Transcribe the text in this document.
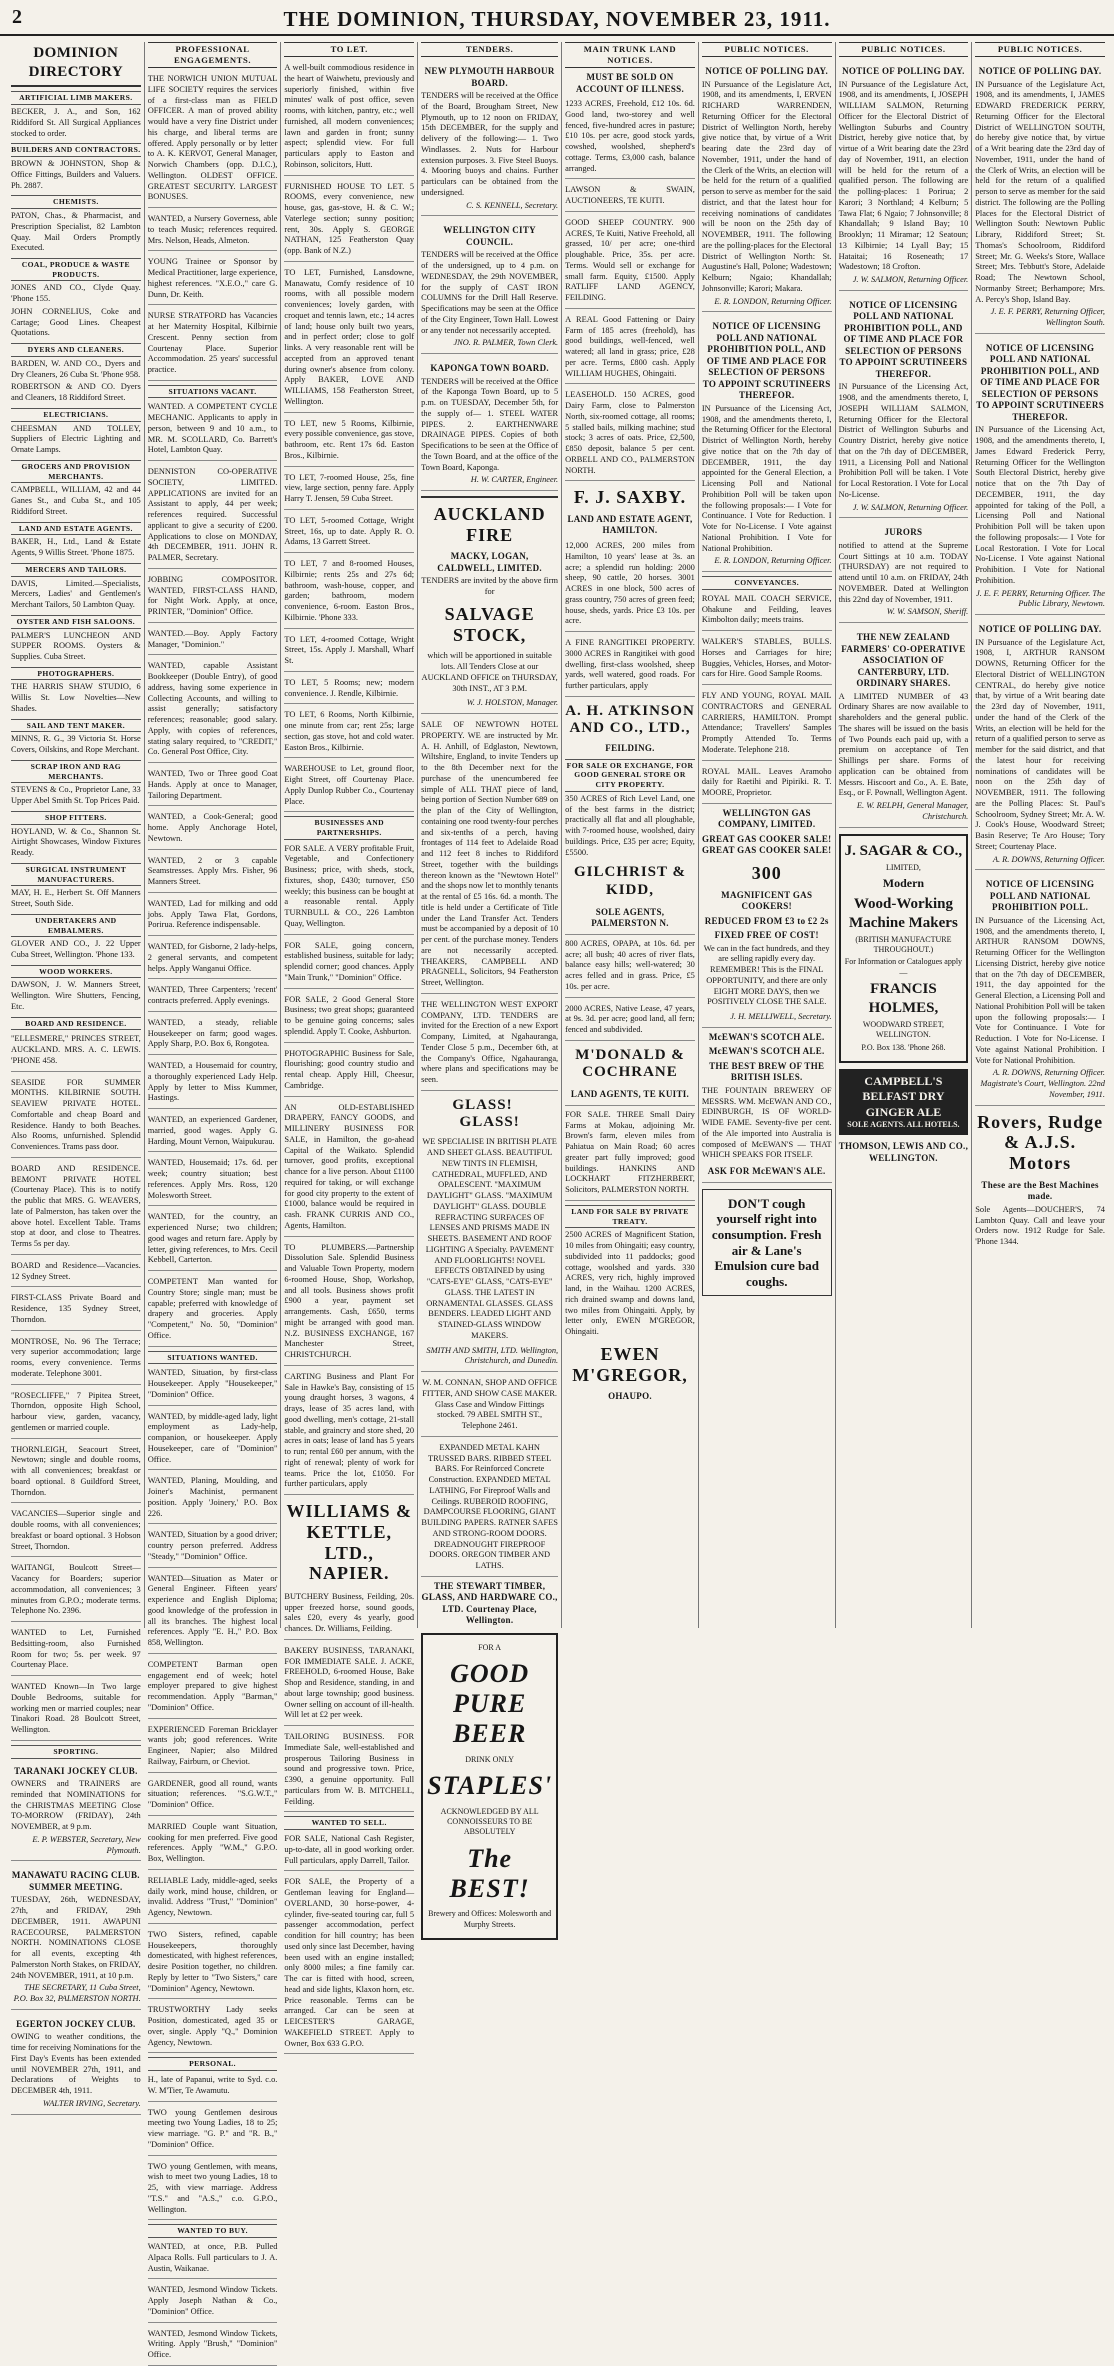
2	THE DOMINION, THURSDAY, NOVEMBER 23, 1911.
DOMINION DIRECTORY
ARTIFICIAL LIMB MAKERS.
BECKER, J. A., and Son, 162 Riddiford St. All Surgical Appliances stocked to order.
BUILDERS AND CONTRACTORS.
BROWN & JOHNSTON, Shop & Office Fittings, Builders and Valuers. Ph. 2887.
CHEMISTS.
PATON, Chas., & Pharmacist, and Prescription Specialist, 82 Lambton Quay. Mail Orders Promptly Executed.
COAL, PRODUCE & WASTE PRODUCTS.
JONES AND CO., Clyde Quay. 'Phone 155.
JOHN CORNELIUS, Coke and Cartage; Good Lines. Cheapest Quotations.
DYERS AND CLEANERS.
BARDEN, W. AND CO., Dyers and Dry Cleaners, 26 Cuba St. 'Phone 958.
ROBERTSON & AND CO. Dyers and Cleaners, 18 Riddiford Street.
ELECTRICIANS.
CHEESMAN AND TOLLEY, Suppliers of Electric Lighting and Ornate Lamps.
GROCERS AND PROVISION MERCHANTS.
CAMPBELL, WILLIAM, 42 and 44 Ganes St., and Cuba St., and 105 Riddiford Street.
LAND AND ESTATE AGENTS.
BAKER, H., Ltd., Land & Estate Agents, 9 Willis Street. 'Phone 1875.
MERCERS AND TAILORS.
DAVIS, Limited.—Specialists, Mercers, Ladies' and Gentlemen's Merchant Tailors, 50 Lambton Quay.
OYSTER AND FISH SALOONS.
PALMER'S LUNCHEON AND SUPPER ROOMS. Oysters & Supplies. Cuba Street.
PHOTOGRAPHERS.
THE HARRIS SHAW STUDIO, 6 Willis St. Low Novelties—New Shades.
SAIL AND TENT MAKER.
MINNS, R. G., 39 Victoria St. Horse Covers, Oilskins, and Rope Merchant.
SCRAP IRON AND RAG MERCHANTS.
STEVENS & Co., Proprietor Lane, 33 Upper Abel Smith St. Top Prices Paid.
SHOP FITTERS.
HOYLAND, W. & Co., Shannon St. Airtight Showcases, Window Fixtures Ready.
SURGICAL INSTRUMENT MANUFACTURERS.
MAY, H. E., Herbert St. Off Manners Street, South Side.
UNDERTAKERS AND EMBALMERS.
GLOVER AND CO., J. 22 Upper Cuba Street, Wellington. 'Phone 133.
WOOD WORKERS.
DAWSON, J. W. Manners Street, Wellington. Wire Shutters, Fencing, Etc.
BOARD AND RESIDENCE.
"ELLESMERE," PRINCES STREET, AUCKLAND. MRS. A. C. LEWIS. 'PHONE 458.
SEASIDE FOR SUMMER MONTHS. KILBIRNIE SOUTH. SEAVIEW PRIVATE HOTEL. Comfortable and cheap Board and Residence. Handy to both Beaches. Also Rooms, unfurnished. Splendid Conveniences. Trams pass door.
BOARD AND RESIDENCE. BEMONT PRIVATE HOTEL (Courtenay Place). This is to notify the public that MRS. G. WEAVERS, late of Palmerston, has taken over the above hotel. Excellent Table. Trams stop at door, and close to Theatres. Terms 5s per day.
BOARD and Residence—Vacancies. 12 Sydney Street.
FIRST-CLASS Private Board and Residence, 135 Sydney Street, Thorndon.
MONTROSE, No. 96 The Terrace; very superior accommodation; large rooms, every convenience. Terms moderate. Telephone 3001.
"ROSECLIFFE," 7 Pipitea Street, Thorndon, opposite High School, harbour view, garden, vacancy, gentlemen or married couple.
THORNLEIGH, Seacourt Street, Newtown; single and double rooms, with all conveniences; breakfast or board optional. 8 Guildford Street, Thorndon.
VACANCIES—Superior single and double rooms, with all conveniences; breakfast or board optional. 3 Hobson Street, Thorndon.
WAITANGI, Boulcott Street—Vacancy for Boarders; superior accommodation, all conveniences; 3 minutes from G.P.O.; moderate terms. Telephone No. 2396.
WANTED to Let, Furnished Bedsitting-room, also Furnished Room for two; 5s. per week. 97 Courtenay Place.
WANTED Known—In Two large Double Bedrooms, suitable for working men or married couples; near Tinakori Road. 28 Boulcott Street, Wellington.
SPORTING.
TARANAKI JOCKEY CLUB.
OWNERS and TRAINERS are reminded that NOMINATIONS for the CHRISTMAS MEETING Close TO-MORROW (FRIDAY), 24th NOVEMBER, at 9 p.m.
E. P. WEBSTER, Secretary, New Plymouth.
MANAWATU RACING CLUB. SUMMER MEETING.
TUESDAY, 26th, WEDNESDAY, 27th, and FRIDAY, 29th DECEMBER, 1911. AWAPUNI RACECOURSE, PALMERSTON NORTH. NOMINATIONS CLOSE for all events, excepting 4th Palmerston North Stakes, on FRIDAY, 24th NOVEMBER, 1911, at 10 p.m.
THE SECRETARY, 11 Cuba Street, P.O. Box 32, PALMERSTON NORTH.
EGERTON JOCKEY CLUB.
OWING to weather conditions, the time for receiving Nominations for the First Day's Events has been extended until NOVEMBER 27th, 1911, and Declarations of Weights to DECEMBER 4th, 1911.
WALTER IRVING, Secretary.
PROFESSIONAL ENGAGEMENTS.
THE NORWICH UNION MUTUAL LIFE SOCIETY requires the services of a first-class man as FIELD OFFICER. A man of proved ability would have a very fine District under his charge, and liberal terms are offered. Apply personally or by letter to A. K. KERVOT, General Manager, Norwich Chambers (opp. D.I.C.), Wellington. OLDEST OFFICE. GREATEST SECURITY. LARGEST BONUSES.
WANTED, a Nursery Governess, able to teach Music; references required. Mrs. Nelson, Heads, Almeton.
YOUNG Trainee or Sponsor by Medical Practitioner, large experience, highest references. "X.E.O.," care G. Dunn, Dr. Keith.
NURSE STRATFORD has Vacancies at her Maternity Hospital, Kilbirnie Crescent. Penny section from Courtenay Place. Superior Accommodation. 25 years' successful practice.
SITUATIONS VACANT.
WANTED. A COMPETENT CYCLE MECHANIC. Applicants to apply in person, between 9 and 10 a.m., to MR. M. SCOLLARD, Co. Barrett's Hotel, Lambton Quay.
DENNISTON CO-OPERATIVE SOCIETY, LIMITED. APPLICATIONS are invited for an Assistant to apply, 44 per week; references required. Successful applicant to give a security of £200. Applications to close on MONDAY, 4th DECEMBER, 1911. JOHN R. PALMER, Secretary.
JOBBING COMPOSITOR. WANTED, FIRST-CLASS HAND, for Night Work. Apply, at once, PRINTER, "Dominion" Office.
WANTED.—Boy. Apply Factory Manager, "Dominion."
WANTED, capable Assistant Bookkeeper (Double Entry), of good address, having some experience in Collecting Accounts, and willing to assist generally; satisfactory references; reasonable; good salary. Apply, with copies of references, stating salary required, to "CREDIT," Co. General Post Office, City.
WANTED, Two or Three good Coat Hands. Apply at once to Manager, Tailoring Department.
WANTED, a Cook-General; good home. Apply Anchorage Hotel, Newtown.
WANTED, 2 or 3 capable Seamstresses. Apply Mrs. Fisher, 96 Manners Street.
WANTED, Lad for milking and odd jobs. Apply Tawa Flat, Gordons, Porirua. Reference indispensable.
WANTED, for Gisborne, 2 lady-helps, 2 general servants, and competent helps. Apply Wanganui Office.
WANTED, Three Carpenters; 'recent' contracts preferred. Apply evenings.
WANTED, a steady, reliable Housekeeper on farm; good wages. Apply Sharp, P.O. Box 6, Rongotea.
WANTED, a Housemaid for country, a thoroughly experienced Lady Help. Apply by letter to Miss Kummer, Hastings.
WANTED, an experienced Gardener, married, good wages. Apply G. Harding, Mount Vernon, Waipukurau.
WANTED, Housemaid; 17s. 6d. per week; country situation; best references. Apply Mrs. Ross, 120 Molesworth Street.
WANTED, for the country, an experienced Nurse; two children; good wages and return fare. Apply by letter, giving references, to Mrs. Cecil Kebbell, Carterton.
COMPETENT Man wanted for Country Store; single man; must be capable; preferred with knowledge of drapery and groceries. Apply "Competent," No. 50, "Dominion" Office.
SITUATIONS WANTED.
WANTED, Situation, by first-class Housekeeper. Apply "Housekeeper," "Dominion" Office.
WANTED, by middle-aged lady, light employment as Lady-help, companion, or housekeeper. Apply Housekeeper, care of "Dominion" Office.
WANTED, Planing, Moulding, and Joiner's Machinist, permanent position. Apply 'Joinery,' P.O. Box 226.
WANTED, Situation by a good driver; country person preferred. Address "Steady," "Dominion" Office.
WANTED—Situation as Mater or General Engineer. Fifteen years' experience and English Diploma; good knowledge of the profession in all its branches. The highest local references. Apply "E. H.," P.O. Box 858, Wellington.
COMPETENT Barman open engagement end of week; hotel employer prepared to give highest recommendation. Apply "Barman," "Dominion" Office.
EXPERIENCED Foreman Bricklayer wants job; good references. Write Engineer, Napier; also Mildred Railway, Fairburn, or Cheviot.
GARDENER, good all round, wants situation; references. "S.G.W.T.," "Dominion" Office.
MARRIED Couple want Situation, cooking for men preferred. Five good references. Apply "W.M.," G.P.O. Box, Wellington.
RELIABLE Lady, middle-aged, seeks daily work, mind house, children, or invalid. Address "Trust," "Dominion" Agency, Newtown.
TWO Sisters, refined, capable Housekeepers, thoroughly domesticated, with highest references, desire Position together, no children. Reply by letter to "Two Sisters," care "Dominion" Agency, Newtown.
TRUSTWORTHY Lady seeks Position, domesticated, aged 35 or over, single. Apply "Q.," Dominion Agency, Newtown.
PERSONAL.
H., late of Papanui, write to Syd. c.o. W. M'Tier, Te Awamutu.
TWO young Gentlemen desirous meeting two Young Ladies, 18 to 25; view marriage. "G. P." and "R. B.," "Dominion" Office.
TWO young Gentlemen, with means, wish to meet two young Ladies, 18 to 25, with view marriage. Address "T.S." and "A.S.," c.o. G.P.O., Wellington.
WANTED TO BUY.
WANTED, at once, P.B. Pulled Alpaca Rolls. Full particulars to J. A. Austin, Waikanae.
WANTED, Jesmond Window Tickets. Apply Joseph Nathan & Co., "Dominion" Office.
WANTED, Jesmond Window Tickets, Writing. Apply "Brush," "Dominion" Office.
TO LET.
A well-built commodious residence in the heart of Waiwhetu, previously and superiorly finished, within five minutes' walk of post office, seven rooms, with kitchen, pantry, etc.; well furnished, all modern conveniences; lawn and garden in front; sunny aspect; splendid view. For full particulars apply to Easton and Robinson, solicitors, Hutt.
FURNISHED HOUSE TO LET. 5 ROOMS, every convenience, new house, gas, gas-stove, H. & C. W.; Vaterlege section; sunny position; rent, 30s. Apply S. GEORGE NATHAN, 125 Featherston Quay (opp. Bank of N.Z.)
TO LET, Furnished, Lansdowne, Manawatu, Comfy residence of 10 rooms, with all possible modern conveniences; lovely garden, with croquet and tennis lawn, etc.; 14 acres of land; house only built two years, and in perfect order; close to golf links. A very reasonable rent will be accepted from an approved tenant during owner's absence from colony. Apply BAKER, LOVE AND WILLIAMS, 158 Featherston Street, Wellington.
TO LET, new 5 Rooms, Kilbirnie, every possible convenience, gas stove, bathroom, etc. Rent 17s 6d. Easton Bros., Kilbirnie.
TO LET, 7-roomed House, 25s, fine view, large section, penny fare. Apply Harry T. Jensen, 59 Cuba Street.
TO LET, 5-roomed Cottage, Wright Street, 16s, up to date. Apply R. O. Adams, 13 Garrett Street.
TO LET, 7 and 8-roomed Houses, Kilbirnie; rents 25s and 27s 6d; bathroom, wash-house, copper, and garden; bathroom, modern convenience, 6-room. Easton Bros., Kilbirnie. 'Phone 333.
TO LET, 4-roomed Cottage, Wright Street, 15s. Apply J. Marshall, Wharf St.
TO LET, 5 Rooms; new; modern convenience. J. Rendle, Kilbirnie.
TO LET, 6 Rooms, North Kilbirnie, one minute from car; rent 25s; large section, gas stove, hot and cold water. Easton Bros., Kilbirnie.
WAREHOUSE to Let, ground floor, Eight Street, off Courtenay Place. Apply Dunlop Rubber Co., Courtenay Place.
BUSINESSES AND PARTNERSHIPS.
FOR SALE. A VERY profitable Fruit, Vegetable, and Confectionery Business; price, with sheds, stock, fixtures, shop, £430; turnover, £50 weekly; this business can be bought at a reasonable rental. Apply TURNBULL & CO., 226 Lambton Quay, Wellington.
FOR SALE, going concern, established business, suitable for lady; splendid corner; good chances. Apply "Main Trunk," "Dominion" Office.
FOR SALE, 2 Good General Store Business; two great shops; guaranteed to be genuine going concerns; sales splendid. Apply T. Cooke, Ashburton.
PHOTOGRAPHIC Business for Sale, flourishing; good country studio and rental cheap. Apply Hill, Cheesur, Cambridge.
AN OLD-ESTABLISHED DRAPERY, FANCY GOODS, and MILLINERY BUSINESS FOR SALE, in Hamilton, the go-ahead Capital of the Waikato. Splendid turnover, good profits, exceptional chance for a live person. About £1100 required for taking, or will exchange for good city property to the extent of £1000, balance would be required in cash. FRANK CURRIS AND CO., Agents, Hamilton.
TO PLUMBERS.—Partnership Dissolution Sale. Splendid Business and Valuable Town Property, modern 6-roomed House, Shop, Workshop, and all tools. Business shows profit £900 a year, payment set arrangements. Cash, £650, terms might be arranged with good man. N.Z. BUSINESS EXCHANGE, 167 Manchester Street, CHRISTCHURCH.
CARTING Business and Plant For Sale in Hawke's Bay, consisting of 15 young draught horses, 3 wagons, 4 drays, lease of 35 acres land, with good dwelling, men's cottage, 21-stall stable, and graincry and store shed, 20 acres in oats; lease of land has 5 years to run; rental £60 per annum, with the right of renewal; plenty of work for teams. Price the lot, £1050. For further particulars, apply
WILLIAMS & KETTLE, LTD., NAPIER.
BUTCHERY Business, Feilding, 20s. upper freezed horse, sound goods, sales £20, every 4s yearly, good chances. Dr. Williams, Feilding.
BAKERY BUSINESS, TARANAKI, FOR IMMEDIATE SALE. J. ACKE, FREEHOLD, 6-roomed House, Bake Shop and Residence, standing, in and about large township; good business. Owner selling on account of ill-health. Will let at £2 per week.
TAILORING BUSINESS. FOR Immediate Sale, well-established and prosperous Tailoring Business in sound and progressive town. Price, £390, a genuine opportunity. Full particulars from W. B. MITCHELL, Feilding.
WANTED TO SELL.
FOR SALE, National Cash Register, up-to-date, all in good working order. Full particulars, apply Darrell, Tailor.
FOR SALE, the Property of a Gentleman leaving for England— OVERLAND, 30 horse-power, 4-cylinder, five-seated touring car, full 5 passenger accommodation, perfect condition for hill country; has been used only since last December, having been used with an engine installed; only 8000 miles; a fine family car. The car is fitted with hood, screen, head and side lights, Klaxon horn, etc. Price reasonable. Terms can be arranged. Car can be seen at LEICESTER'S GARAGE, WAKEFIELD STREET. Apply to Owner, Box 633 G.P.O.
TENDERS.
NEW PLYMOUTH HARBOUR BOARD.
TENDERS will be received at the Office of the Board, Brougham Street, New Plymouth, up to 12 noon on FRIDAY, 15th DECEMBER, for the supply and delivery of the following:— 1. Two Windlasses. 2. Nuts for Harbour extension purposes. 3. Five Steel Buoys. 4. Mooring buoys and chains. Further particulars can be obtained from the undersigned.
C. S. KENNELL, Secretary.
WELLINGTON CITY COUNCIL.
TENDERS will be received at the Office of the undersigned, up to 4 p.m. on WEDNESDAY, the 29th NOVEMBER, for the supply of CAST IRON COLUMNS for the Drill Hall Reserve. Specifications may be seen at the Office of the City Engineer, Town Hall. Lowest or any tender not necessarily accepted.
JNO. R. PALMER, Town Clerk.
KAPONGA TOWN BOARD.
TENDERS will be received at the Office of the Kaponga Town Board, up to 5 p.m. on TUESDAY, December 5th, for the supply of— 1. STEEL WATER PIPES. 2. EARTHENWARE DRAINAGE PIPES. Copies of both Specifications to be seen at the Office of the Town Board, and at the office of the Town Board, Kaponga.
H. W. CARTER, Engineer.
AUCKLAND FIRE
MACKY, LOGAN, CALDWELL, LIMITED.
TENDERS are invited by the above firm for
SALVAGE STOCK,
which will be apportioned in suitable lots. All Tenders Close at our AUCKLAND OFFICE on THURSDAY, 30th INST., AT 3 P.M.
W. J. HOLSTON, Manager.
SALE OF NEWTOWN HOTEL PROPERTY. WE are instructed by Mr. A. H. Anhill, of Edglaston, Newtown, Wiltshire, England, to invite Tenders up to the 8th December next for the purchase of the unencumbered fee simple of ALL THAT piece of land, being portion of Section Number 689 on the plan of the City of Wellington, containing one rood twenty-four perches and six-tenths of a perch, having frontages of 114 feet to Adelaide Road and 112 feet 8 inches to Riddiford Street, together with the buildings thereon known as the "Newtown Hotel" and the shops now let to monthly tenants at the rental of £5 16s. 6d. a month. The title is held under a Certificate of Title under the Land Transfer Act. Tenders must be accompanied by a deposit of 10 per cent. of the purchase money. Tenders are not necessarily accepted. THEAKERS, CAMPBELL AND PRAGNELL, Solicitors, 94 Featherston Street, Wellington.
THE WELLINGTON WEST EXPORT COMPANY, LTD. TENDERS are invited for the Erection of a new Export Company, Limited, at Ngahauranga, Tender Close 5 p.m., December 6th, at the Company's Office, Ngahauranga, where plans and specifications may be seen.
GLASS!    GLASS!
WE SPECIALISE IN BRITISH PLATE AND SHEET GLASS. BEAUTIFUL NEW TINTS IN FLEMISH, CATHEDRAL, MUFFLED, AND OPALESCENT. "MAXIMUM DAYLIGHT" GLASS. "MAXIMUM DAYLIGHT" GLASS. DOUBLE REFRACTING SURFACES OF LENSES AND PRISMS MADE IN SHEETS. BASEMENT AND ROOF LIGHTING A Specialty. PAVEMENT AND FLOORLIGHTS! NOVEL EFFECTS OBTAINED by using "CATS-EYE" GLASS, "CATS-EYE" GLASS. THE LATEST IN ORNAMENTAL GLASSES. GLASS BENDERS. LEADED LIGHT AND STAINED-GLASS WINDOW MAKERS.
SMITH AND SMITH, LTD. Wellington, Christchurch, and Dunedin.
W. M. CONNAN, SHOP AND OFFICE FITTER, AND SHOW CASE MAKER. Glass Case and Window Fittings stocked. 79 ABEL SMITH ST., Telephone 2461.
EXPANDED METAL KAHN TRUSSED BARS. RIBBED STEEL BARS. For Reinforced Concrete Construction. EXPANDED METAL LATHING, For Fireproof Walls and Ceilings. RUBEROID ROOFING, DAMPCOURSE FLOORING, GIANT BUILDING PAPERS. RATNER SAFES AND STRONG-ROOM DOORS. DREADNOUGHT FIREPROOF DOORS. OREGON TIMBER AND LATHS.
THE STEWART TIMBER, GLASS, AND HARDWARE CO., LTD. Courtenay Place, Wellington.
FOR A
GOOD PURE BEER
DRINK ONLY
STAPLES'
ACKNOWLEDGED BY ALL CONNOISSEURS TO BE ABSOLUTELY
The BEST!
Brewery and Offices: Molesworth and Murphy Streets.
MAIN TRUNK LAND NOTICES.
MUST BE SOLD ON ACCOUNT OF ILLNESS.
1233 ACRES, Freehold, £12 10s. 6d. Good land, two-storey and well fenced, five-hundred acres in pasture; £10 10s. per acre, good stock yards, cowshed, woolshed, shepherd's cottage. Terms, £3,000 cash, balance arranged.
LAWSON & SWAIN, AUCTIONEERS, TE KUITI.
GOOD SHEEP COUNTRY. 900 ACRES, Te Kuiti, Native Freehold, all grassed, 10/ per acre; one-third ploughable. Price, 35s. per acre. Terms. Would sell or exchange for small farm. Equity, £1500. Apply RATLIFF LAND AGENCY, FEILDING.
A REAL Good Fattening or Dairy Farm of 185 acres (freehold), has good buildings, well-fenced, well watered; all land in grass; price, £28 per acre. Terms, £800 cash. Apply WILLIAM HUGHES, Ohingaiti.
LEASEHOLD. 150 ACRES, good Dairy Farm, close to Palmerston North, six-roomed cottage, all rooms; 5 stalled bails, milking machine; stud stock; 3 acres of oats. Price, £2,500, £850 deposit, balance 5 per cent. ORBELL AND CO., PALMERSTON NORTH.
F. J. SAXBY.
LAND AND ESTATE AGENT, HAMILTON.
12,000 ACRES, 200 miles from Hamilton, 10 years' lease at 3s. an acre; a splendid run holding: 2000 sheep, 90 cattle, 20 horses. 3001 ACRES in one block, 500 acres of grass country, 750 acres of green feed; house, sheds, yards. Price £3 10s. per acre.
A FINE RANGITIKEI PROPERTY. 3000 ACRES in Rangitikei with good dwelling, first-class woolshed, sheep yards, well watered, good roads. For further particulars, apply
A. H. ATKINSON AND CO., LTD.,
FEILDING.
FOR SALE OR EXCHANGE, FOR GOOD GENERAL STORE OR CITY PROPERTY.
350 ACRES of Rich Level Land, one of the best farms in the district; practically all flat and all ploughable, with 7-roomed house, woolshed, dairy buildings. Price, £35 per acre; Equity, £5500.
GILCHRIST & KIDD,
SOLE AGENTS, PALMERSTON N.
800 ACRES, OPAPA, at 10s. 6d. per acre; all bush; 40 acres of river flats, balance easy hills; well-watered; 30 acres felled and in grass. Price, £5 10s. per acre.
2000 ACRES, Native Lease, 47 years, at 9s. 3d. per acre; good land, all fern; fenced and subdivided.
M'DONALD & COCHRANE
LAND AGENTS, TE KUITI.
FOR SALE. THREE Small Dairy Farms at Mokau, adjoining Mr. Brown's farm, eleven miles from Pahiatua on Main Road; 60 acres greater part fully improved; good buildings. HANKINS AND LOCKHART FITZHERBERT, Solicitors, PALMERSTON NORTH.
LAND FOR SALE BY PRIVATE TREATY.
2500 ACRES of Magnificent Station, 10 miles from Ohingaiti; easy country, subdivided into 11 paddocks; good cottage, woolshed and yards. 330 ACRES, very rich, highly improved land, in the Waihau. 1200 ACRES, rich drained swamp and downs land, two miles from Ohingaiti. Apply, by letter only, EWEN M'GREGOR, Ohingaiti.
EWEN M'GREGOR,
OHAUPO.
PUBLIC NOTICES.
NOTICE OF POLLING DAY.
IN Pursuance of the Legislature Act, 1908, and its amendments, I, ERVEN RICHARD WARRENDEN, Returning Officer for the Electoral District of Wellington North, hereby give notice that, by virtue of a Writ bearing date the 23rd day of November, 1911, under the hand of the Clerk of the Writs, an election will be held for the return of a qualified person to serve as member for the said district, and that the latest hour for receiving nominations of candidates will be noon on the 25th day of NOVEMBER, 1911. The following are the polling-places for the Electoral District of Wellington North: St. Augustine's Hall, Polone; Wadestown; Kelburn; Ngaio; Khandallah; Johnsonville; Karori; Makara.
E. R. LONDON, Returning Officer.
NOTICE OF LICENSING POLL AND NATIONAL PROHIBITION POLL, AND OF TIME AND PLACE FOR SELECTION OF PERSONS TO APPOINT SCRUTINEERS THEREFOR.
IN Pursuance of the Licensing Act, 1908, and the amendments thereto, I, the Returning Officer for the Electoral District of Wellington North, hereby give notice that on the 7th day of DECEMBER, 1911, the day appointed for the General Election, a Licensing Poll and National Prohibition Poll will be taken upon the following proposals:— I Vote for Continuance. I Vote for Reduction. I Vote for No-License. I Vote against National Prohibition. I Vote for National Prohibition.
E. R. LONDON, Returning Officer.
CONVEYANCES.
ROYAL MAIL COACH SERVICE, Ohakune and Feilding, leaves Kimbolton daily; meets trains.
WALKER'S STABLES, BULLS. Horses and Carriages for hire; Buggies, Vehicles, Horses, and Motor-cars for Hire. Good Sample Rooms.
FLY AND YOUNG, ROYAL MAIL CONTRACTORS and GENERAL CARRIERS, HAMILTON. Prompt Attendance; Travellers' Samples Promptly Attended To. Terms Moderate. Telephone 218.
ROYAL MAIL. Leaves Aramoho daily for Raetihi and Pipiriki. R. T. MOORE, Proprietor.
WELLINGTON GAS COMPANY, LIMITED.
GREAT GAS COOKER SALE! GREAT GAS COOKER SALE!
300
MAGNIFICENT GAS COOKERS!
REDUCED FROM £3 to £2 2s
FIXED FREE OF COST!
We can in the fact hundreds, and they are selling rapidly every day. REMEMBER! This is the FINAL OPPORTUNITY, and there are only EIGHT MORE DAYS, then we POSITIVELY CLOSE THE SALE.
J. H. MELLIWELL, Secretary.
McEWAN'S SCOTCH ALE.
McEWAN'S SCOTCH ALE.
THE BEST BREW OF THE BRITISH ISLES.
THE FOUNTAIN BREWERY OF MESSRS. WM. McEWAN AND CO., EDINBURGH, IS OF WORLD-WIDE FAME. Seventy-five per cent. of the Ale imported into Australia is composed of McEWAN'S — THAT WHICH SPEAKS FOR ITSELF.
ASK FOR McEWAN'S ALE.
DON'T cough yourself right into consumption. Fresh air & Lane's Emulsion cure bad coughs.
PUBLIC NOTICES.
NOTICE OF POLLING DAY.
IN Pursuance of the Legislature Act, 1908, and its amendments, I, JOSEPH WILLIAM SALMON, Returning Officer for the Electoral District of Wellington Suburbs and Country District, hereby give notice that, by virtue of a Writ bearing date the 23rd day of November, 1911, an election will be held for the return of a qualified person. The following are the polling-places: 1 Porirua; 2 Karori; 3 Northland; 4 Kelburn; 5 Tawa Flat; 6 Ngaio; 7 Johnsonville; 8 Khandallah; 9 Island Bay; 10 Brooklyn; 11 Miramar; 12 Seatoun; 13 Kilbirnie; 14 Lyall Bay; 15 Hataitai; 16 Roseneath; 17 Wadestown; 18 Crofton.
J. W. SALMON, Returning Officer.
NOTICE OF LICENSING POLL AND NATIONAL PROHIBITION POLL, AND OF TIME AND PLACE FOR SELECTION OF PERSONS TO APPOINT SCRUTINEERS THEREFOR.
IN Pursuance of the Licensing Act, 1908, and the amendments thereto, I, JOSEPH WILLIAM SALMON, Returning Officer for the Electoral District of Wellington Suburbs and Country District, hereby give notice that on the 7th day of DECEMBER, 1911, a Licensing Poll and National Prohibition Poll will be taken. I Vote for Local Restoration. I Vote for Local No-License.
J. W. SALMON, Returning Officer.
JURORS
notified to attend at the Supreme Court Sittings at 10 a.m. TODAY (THURSDAY) are not required to attend until 10 a.m. on FRIDAY, 24th NOVEMBER. Dated at Wellington this 22nd day of November, 1911.
W. W. SAMSON, Sheriff.
THE NEW ZEALAND FARMERS' CO-OPERATIVE ASSOCIATION OF CANTERBURY, LTD. ORDINARY SHARES.
A LIMITED NUMBER of 43 Ordinary Shares are now available to shareholders and the general public. The shares will be issued on the basis of Two Pounds each paid up, with a premium on acceptance of Ten Shillings per share. Forms of application can be obtained from Messrs. Hiscoort and Co., A. E. Bate, Esq., or F. Pownall, Wellington Agent.
E. W. RELPH, General Manager, Christchurch.
J. SAGAR & CO.,
LIMITED,
Modern
Wood-Working Machine Makers
(BRITISH MANUFACTURE THROUGHOUT.)
For Information or Catalogues apply—
FRANCIS HOLMES,
WOODWARD STREET, WELLINGTON.
P.O. Box 138. 'Phone 268.
CAMPBELL'S
BELFAST DRY GINGER ALE
SOLE AGENTS. ALL HOTELS.
THOMSON, LEWIS AND CO., WELLINGTON.
PUBLIC NOTICES.
NOTICE OF POLLING DAY.
IN Pursuance of the Legislature Act, 1908, and its amendments, I, JAMES EDWARD FREDERICK PERRY, Returning Officer for the Electoral District of WELLINGTON SOUTH, do hereby give notice that, by virtue of a Writ bearing date the 23rd day of November, 1911, under the hand of the Clerk of Writs, an election will be held for the return of a qualified person to serve as member for the said district. The following are the Polling Places for the Electoral District of Wellington South: Newtown Public Library, Riddiford Street; St. Thomas's Schoolroom, Riddiford Street; Mr. G. Weeks's Store, Wallace Street; Mrs. Tebbutt's Store, Adelaide Road; The Newtown School, Normanby Street; Berhampore; Mrs. A. Percy's Shop, Island Bay.
J. E. F. PERRY, Returning Officer, Wellington South.
NOTICE OF LICENSING POLL AND NATIONAL PROHIBITION POLL, AND OF TIME AND PLACE FOR SELECTION OF PERSONS TO APPOINT SCRUTINEERS THEREFOR.
IN Pursuance of the Licensing Act, 1908, and the amendments thereto, I, James Edward Frederick Perry, Returning Officer for the Wellington South Electoral District, hereby give notice that on the 7th Day of DECEMBER, 1911, the day appointed for taking of the Poll, a Licensing Poll and National Prohibition Poll will be taken upon the following proposals:— I Vote for Local Restoration. I Vote for Local No-License. I Vote against National Prohibition. I Vote for National Prohibition.
J. E. F. PERRY, Returning Officer. The Public Library, Newtown.
NOTICE OF POLLING DAY.
IN Pursuance of the Legislature Act, 1908, I, ARTHUR RANSOM DOWNS, Returning Officer for the Electoral District of WELLINGTON CENTRAL, do hereby give notice that, by virtue of a Writ bearing date the 23rd day of November, 1911, under the hand of the Clerk of the Writs, an election will be held for the return of a qualified person to serve as member for the said district, and that the latest hour for receiving nominations of candidates will be noon on the 25th day of NOVEMBER, 1911. The following are the Polling Places: St. Paul's Schoolroom, Sydney Street; Mr. A. W. J. Cook's House, Woodward Street; Basin Reserve; Te Aro House; Tory Street; Courtenay Place.
A. R. DOWNS, Returning Officer.
NOTICE OF LICENSING POLL AND NATIONAL PROHIBITION POLL.
IN Pursuance of the Licensing Act, 1908, and the amendments thereto, I, ARTHUR RANSOM DOWNS, Returning Officer for the Wellington Licensing District, hereby give notice that on the 7th day of DECEMBER, 1911, the day appointed for the General Election, a Licensing Poll and National Prohibition Poll will be taken upon the following proposals:— I Vote for Continuance. I Vote for Reduction. I Vote for No-License. I Vote against National Prohibition. I Vote for National Prohibition.
A. R. DOWNS, Returning Officer. Magistrate's Court, Wellington. 22nd November, 1911.
Rovers, Rudge & A.J.S. Motors
These are the Best Machines made.
Sole Agents—DOUCHER'S, 74 Lambton Quay. Call and leave your Orders now. 1912 Rudge for Sale. 'Phone 1344.
